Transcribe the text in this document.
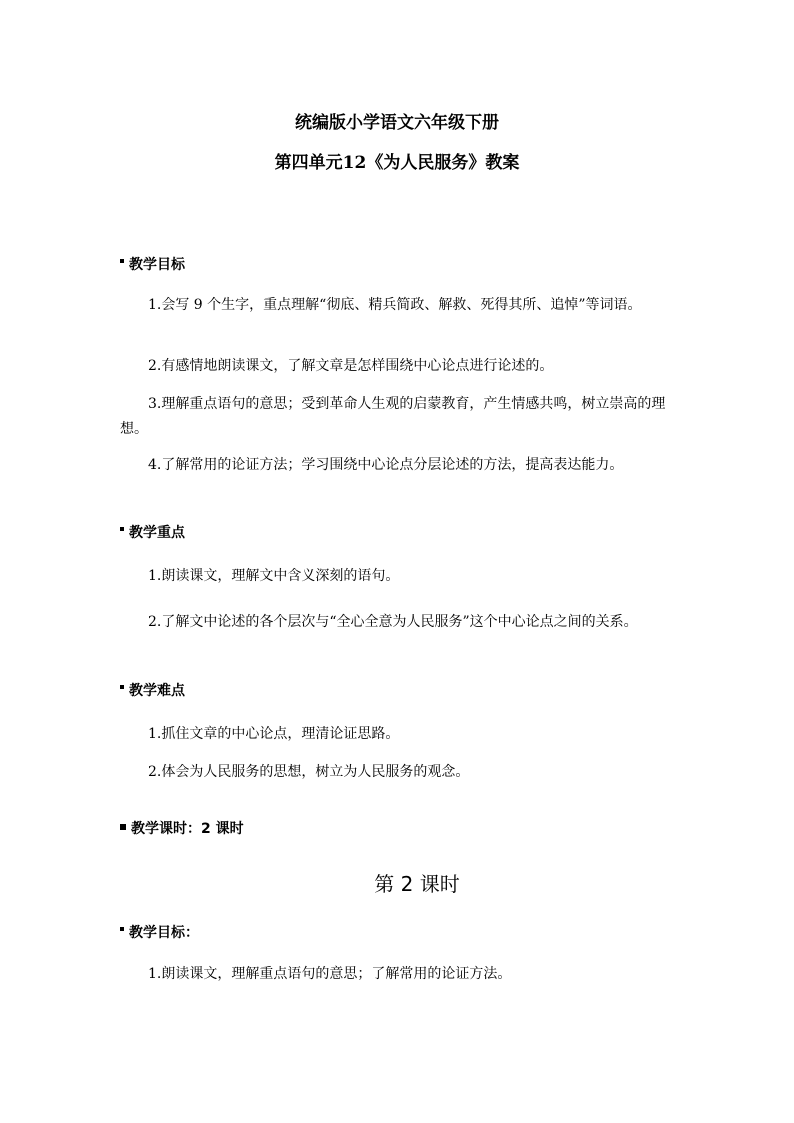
统编版小学语文六年级下册
第四单元12《为人民服务》教案
教学目标
1.会写 9 个生字，重点理解“彻底、精兵简政、解救、死得其所、追悼”等词语。
2.有感情地朗读课文，了解文章是怎样围绕中心论点进行论述的。
3.理解重点语句的意思；受到革命人生观的启蒙教育，产生情感共鸣，树立崇高的理想。
4.了解常用的论证方法；学习围绕中心论点分层论述的方法，提高表达能力。
教学重点
1.朗读课文，理解文中含义深刻的语句。
2.了解文中论述的各个层次与“全心全意为人民服务”这个中心论点之间的关系。
教学难点
1.抓住文章的中心论点，理清论证思路。
2.体会为人民服务的思想，树立为人民服务的观念。
教学课时：2 课时
第 2 课时
教学目标：
1.朗读课文，理解重点语句的意思；了解常用的论证方法。
